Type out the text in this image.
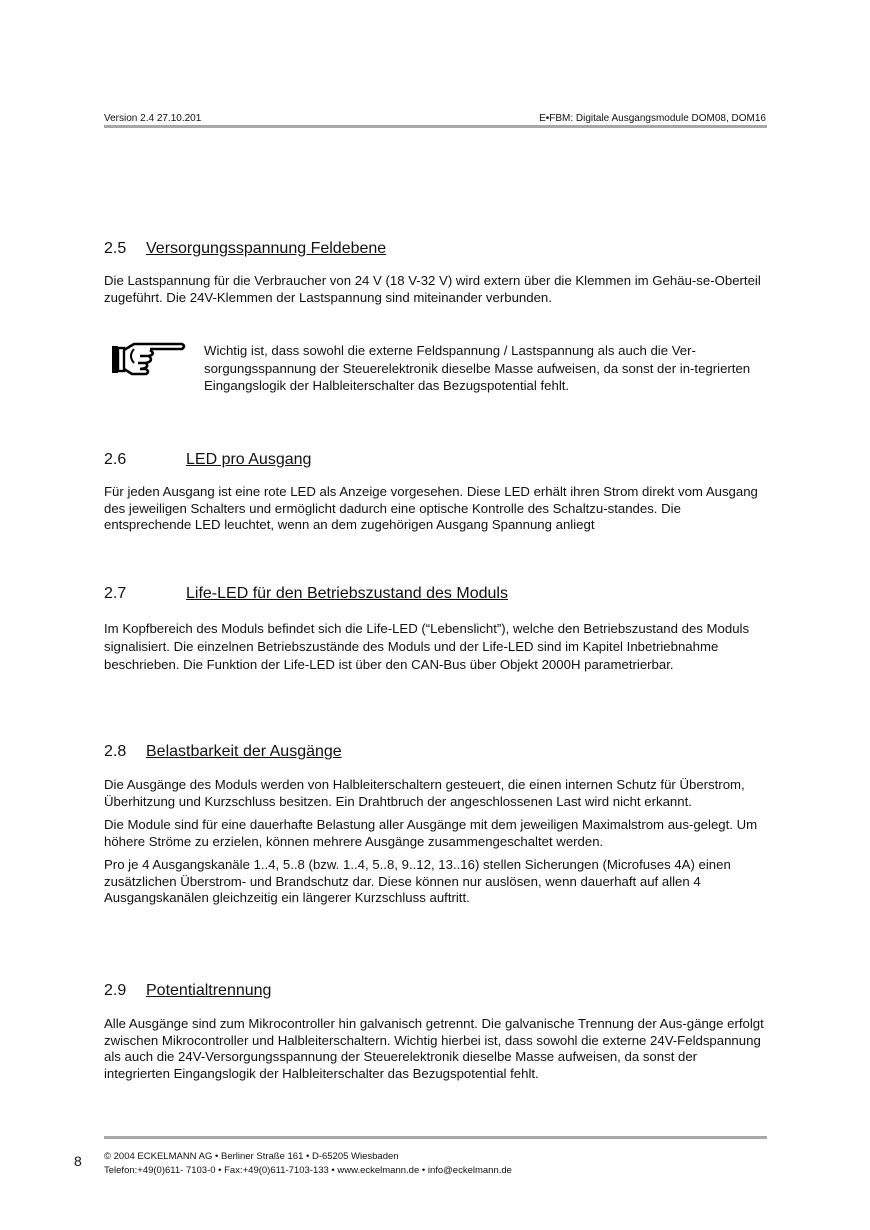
Version 2.4 27.10.201	E•FBM: Digitale Ausgangsmodule DOM08, DOM16
2.5 Versorgungsspannung Feldebene

Die Lastspannung für die Verbraucher von 24 V (18 V-32 V) wird extern über die Klemmen im Gehäu-se-Oberteil zugeführt. Die 24V-Klemmen der Lastspannung sind miteinander verbunden.

Wichtig ist, dass sowohl die externe Feldspannung / Lastspannung als auch die Ver-sorgungsspannung der Steuerelektronik dieselbe Masse aufweisen, da sonst der in-tegrierten Eingangslogik der Halbleiterschalter das Bezugspotential fehlt.
2.6	LED pro Ausgang

Für jeden Ausgang ist eine rote LED als Anzeige vorgesehen. Diese LED erhält ihren Strom direkt vom Ausgang des jeweiligen Schalters und ermöglicht dadurch eine optische Kontrolle des Schaltzu-standes. Die entsprechende LED leuchtet, wenn an dem zugehörigen Ausgang Spannung anliegt

2.7	Life-LED für den Betriebszustand des Moduls

Im Kopfbereich des Moduls befindet sich die Life-LED (“Lebenslicht”), welche den Betriebszustand des Moduls signalisiert. Die einzelnen Betriebszustände des Moduls und der Life-LED sind im Kapitel Inbetriebnahme beschrieben. Die Funktion der Life-LED ist über den CAN-Bus über Objekt 2000H parametrierbar.

2.8 Belastbarkeit der Ausgänge

Die Ausgänge des Moduls werden von Halbleiterschaltern gesteuert, die einen internen Schutz für Überstrom, Überhitzung und Kurzschluss besitzen. Ein Drahtbruch der angeschlossenen Last wird nicht erkannt.

Die Module sind für eine dauerhafte Belastung aller Ausgänge mit dem jeweiligen Maximalstrom aus-gelegt. Um höhere Ströme zu erzielen, können mehrere Ausgänge zusammengeschaltet werden.

Pro je 4 Ausgangskanäle 1..4, 5..8 (bzw. 1..4, 5..8, 9..12, 13..16) stellen Sicherungen (Microfuses 4A) einen zusätzlichen Überstrom- und Brandschutz dar. Diese können nur auslösen, wenn dauerhaft auf allen 4 Ausgangskanälen gleichzeitig ein längerer Kurzschluss auftritt.

2.9 Potentialtrennung

Alle Ausgänge sind zum Mikrocontroller hin galvanisch getrennt. Die galvanische Trennung der Aus-gänge erfolgt zwischen Mikrocontroller und Halbleiterschaltern. Wichtig hierbei ist, dass sowohl die externe 24V-Feldspannung als auch die 24V-Versorgungsspannung der Steuerelektronik dieselbe Masse aufweisen, da sonst der integrierten Eingangslogik der Halbleiterschalter das Bezugspotential fehlt.

8 © 2004 ECKELMANN AG • Berliner Straße 161 • D-65205 Wiesbaden
Telefon:+49(0)611- 7103-0 • Fax:+49(0)611-7103-133 • www.eckelmann.de • info@eckelmann.de
